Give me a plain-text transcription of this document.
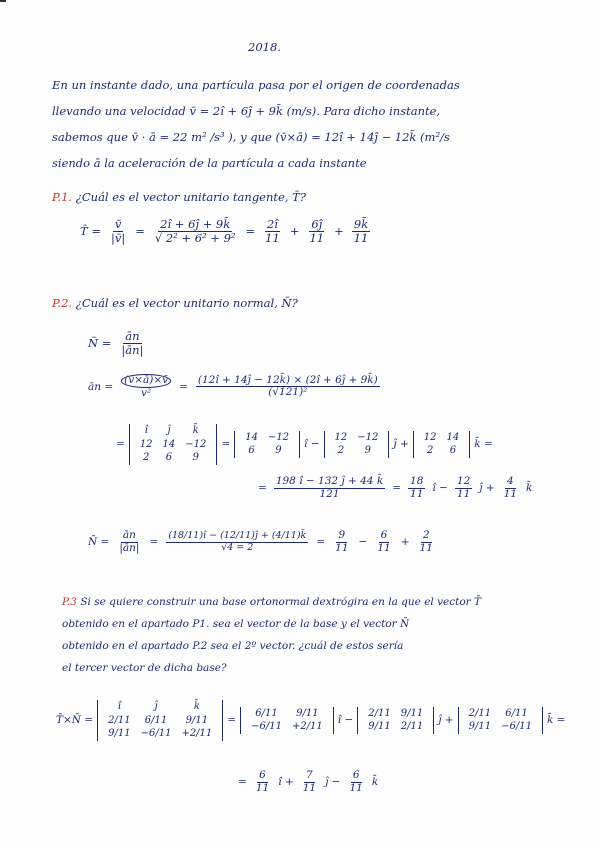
2018.
En un instante dado, una partícula pasa por el origen de coordenadas
llevando una velocidad v̄ = 2î + 6ĵ + 9k̄ (m/s). Para dicho instante,
sabemos que v̄ · ā = 22 m² /s³ ), y que (v̄×ā) = 12î + 14ĵ − 12k̄ (m²/s
siendo ā la aceleración de la partícula a cada instante
P.1. ¿Cuál es el vector unitario tangente, T̄?
T̄ = $\frac{v̄}{|v̄|} = \frac{2î + 6ĵ + 9k̄}{\text{√ 2² + 6² + 9²}} = \frac{2î}{11} + \frac{6ĵ}{11} + \frac{9k̄}{11}$
P.2. ¿Cuál es el vector unitario normal, N̄?
N̄ = $\frac{ān}{|ān|}$
ān = $\frac{(v̄\times ā)\times v̄}{\text{v²}} = \frac{(12î + 14ĵ - 12k̄) \times (2î + 6ĵ + 9k̄)}{\text{(√121)²}}$
=
î	ĵ	k̄
12	14	−12
2	6	9
=
14	−12
6	9
î −
12	−12
2	9
ĵ +
12	14
2	6
k̄ =
= $\frac{198 î - 132 ĵ + 44 k̄}{121} = \frac{18}{11}$ î − $\frac{12}{11}$ ĵ + $\frac{4}{11}$ k̄
N̄ = $\frac{ān}{|ān|} = \frac{(18/11)î - (12/11)ĵ + (4/11)k̄}{√4 = 2} = \frac{9}{11} - \frac{6}{11} + \frac{2}{11}$
P.3 Si se quiere construir una base ortonormal dextrógira en la que el vector T̄
obtenido en el apartado P1. sea el vector de la base y el vector N̄
obtenido en el apartado P.2 sea el 2º vector. ¿cuál de estos sería
el tercer vector de dicha base?
T̄×N̄ =
î	ĵ	k̄
2/11	6/11	9/11
9/11	−6/11	+2/11
=
6/11	9/11
−6/11	+2/11
î −
2/11	9/11
9/11	2/11
ĵ +
2/11	6/11
9/11	−6/11
k̄ =
= $\frac{6}{11}$ î + $\frac{7}{11}$ ĵ − $\frac{6}{11}$ k̄
